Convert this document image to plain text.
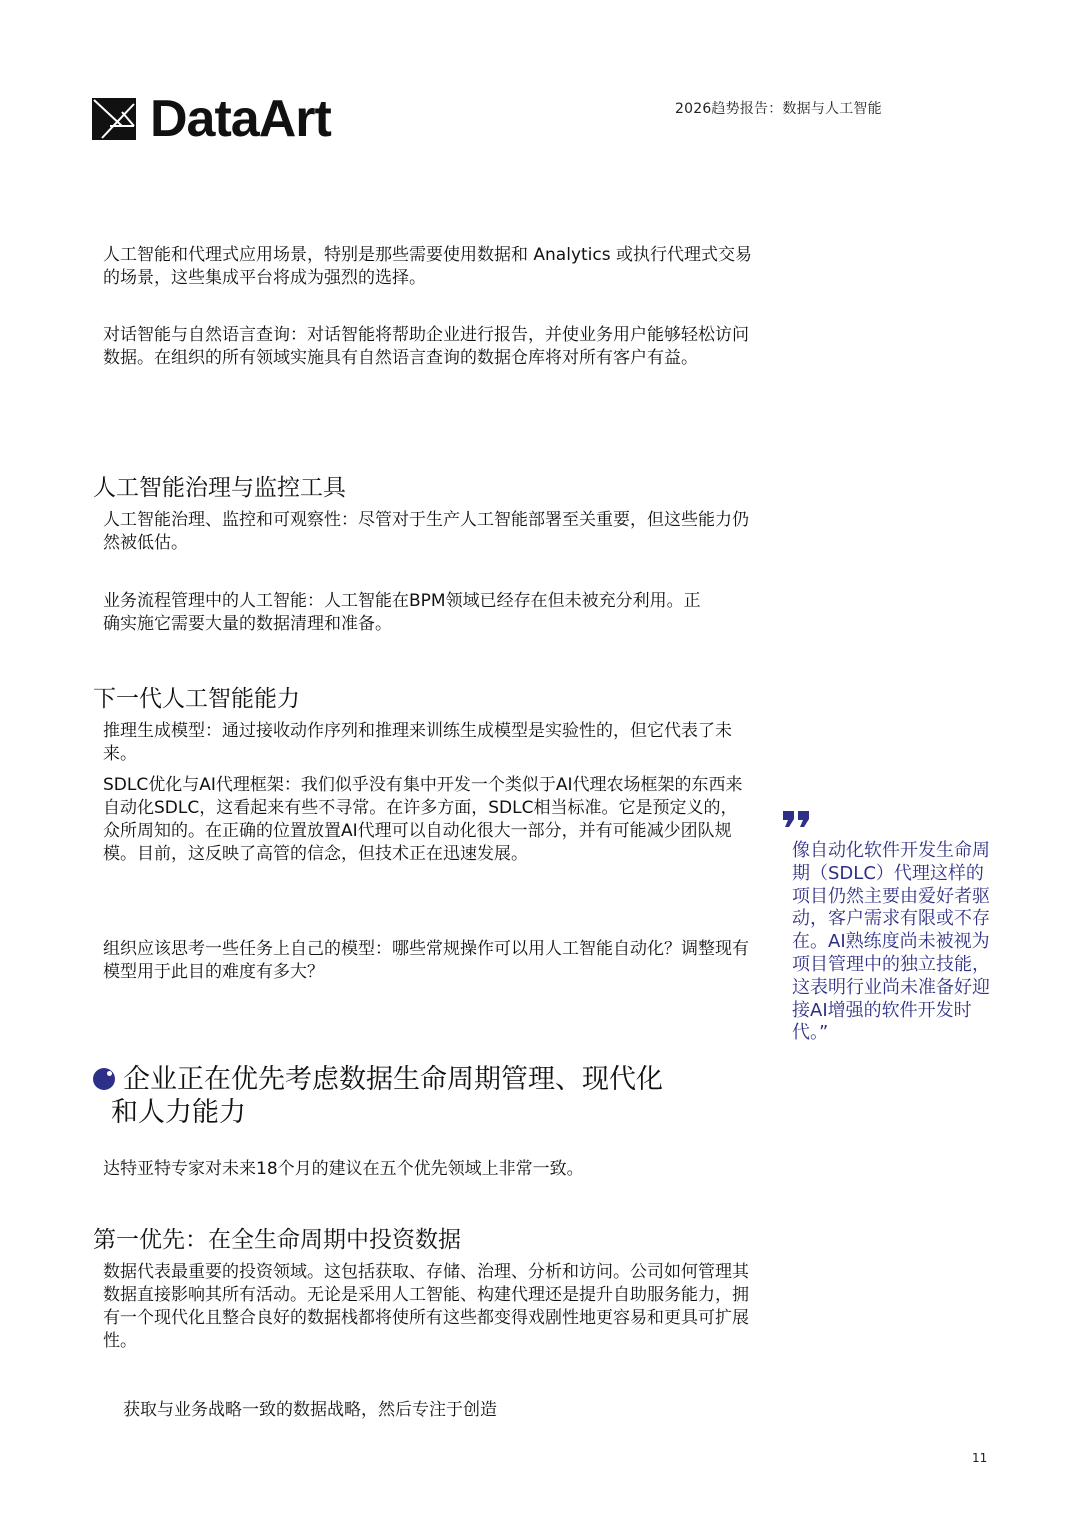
DataArt	2026趋势报告：数据与人工智能

人工智能和代理式应用场景，特别是那些需要使用数据和 Analytics 或执行代理式交易的场景，这些集成平台将成为强烈的选择。

对话智能与自然语言查询：对话智能将帮助企业进行报告，并使业务用户能够轻松访问数据。在组织的所有领域实施具有自然语言查询的数据仓库将对所有客户有益。

人工智能治理与监控工具

人工智能治理、监控和可观察性：尽管对于生产人工智能部署至关重要，但这些能力仍然被低估。

业务流程管理中的人工智能：人工智能在BPM领域已经存在但未被充分利用。正确实施它需要大量的数据清理和准备。

下一代人工智能能力

推理生成模型：通过接收动作序列和推理来训练生成模型是实验性的，但它代表了未来。

SDLC优化与AI代理框架：我们似乎没有集中开发一个类似于AI代理农场框架的东西来自动化SDLC，这看起来有些不寻常。在许多方面，SDLC相当标准。它是预定义的，众所周知的。在正确的位置放置AI代理可以自动化很大一部分，并有可能减少团队规模。目前，这反映了高管的信念，但技术正在迅速发展。

组织应该思考一些任务上自己的模型：哪些常规操作可以用人工智能自动化？调整现有模型用于此目的难度有多大？

像自动化软件开发生命周期（SDLC）代理这样的项目仍然主要由爱好者驱动，客户需求有限或不存在。AI熟练度尚未被视为项目管理中的独立技能，这表明行业尚未准备好迎接AI增强的软件开发时代。”

企业正在优先考虑数据生命周期管理、现代化
和人力能力

达特亚特专家对未来18个月的建议在五个优先领域上非常一致。

第一优先：在全生命周期中投资数据

数据代表最重要的投资领域。这包括获取、存储、治理、分析和访问。公司如何管理其数据直接影响其所有活动。无论是采用人工智能、构建代理还是提升自助服务能力，拥有一个现代化且整合良好的数据栈都将使所有这些都变得戏剧性地更容易和更具可扩展性。

获取与业务战略一致的数据战略，然后专注于创造

11
